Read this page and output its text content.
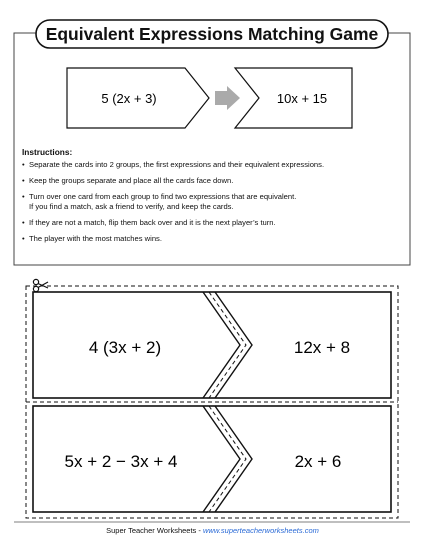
5 (2x + 3)	10x + 15
4 (3x + 2)	12x + 8
5x + 2 − 3x + 4	2x + 6
Equivalent Expressions Matching Game
Instructions:
• Separate the cards into 2 groups, the first expressions and their equivalent expressions.
• Keep the groups separate and place all the cards face down.
• Turn over one card from each group to find two expressions that are equivalent.
If you find a match, ask a friend to verify, and keep the cards.
• If they are not a match, flip them back over and it is the next player’s turn.
• The player with the most matches wins.
Super Teacher Worksheets - www.superteacherworksheets.com
